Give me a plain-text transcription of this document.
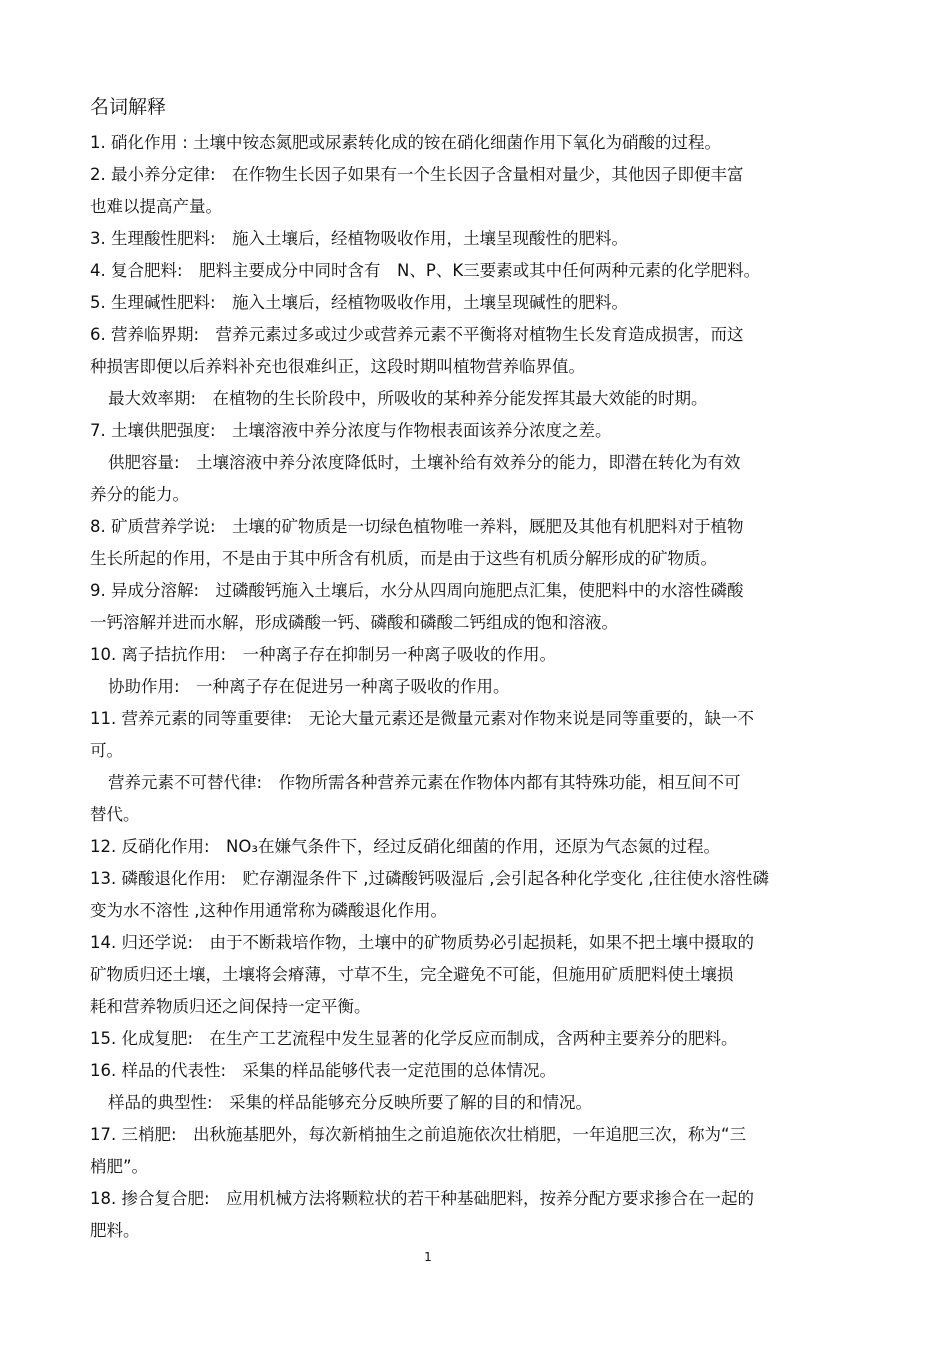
名词解释
1. 硝化作用 : 土壤中铵态氮肥或尿素转化成的铵在硝化细菌作用下氧化为硝酸的过程。
2. 最小养分定律:　在作物生长因子如果有一个生长因子含量相对量少，其他因子即便丰富
也难以提高产量。
3. 生理酸性肥料:　施入土壤后，经植物吸收作用，土壤呈现酸性的肥料。
4. 复合肥料:　肥料主要成分中同时含有　N、P、K三要素或其中任何两种元素的化学肥料。
5. 生理碱性肥料:　施入土壤后，经植物吸收作用，土壤呈现碱性的肥料。
6. 营养临界期:　营养元素过多或过少或营养元素不平衡将对植物生长发育造成损害，而这
种损害即便以后养料补充也很难纠正，这段时期叫植物营养临界值。
最大效率期:　在植物的生长阶段中，所吸收的某种养分能发挥其最大效能的时期。
7. 土壤供肥强度:　土壤溶液中养分浓度与作物根表面该养分浓度之差。
供肥容量:　土壤溶液中养分浓度降低时，土壤补给有效养分的能力，即潜在转化为有效
养分的能力。
8. 矿质营养学说:　土壤的矿物质是一切绿色植物唯一养料，厩肥及其他有机肥料对于植物
生长所起的作用，不是由于其中所含有机质，而是由于这些有机质分解形成的矿物质。
9. 异成分溶解:　过磷酸钙施入土壤后，水分从四周向施肥点汇集，使肥料中的水溶性磷酸
一钙溶解并进而水解，形成磷酸一钙、磷酸和磷酸二钙组成的饱和溶液。
10. 离子拮抗作用:　一种离子存在抑制另一种离子吸收的作用。
协助作用:　一种离子存在促进另一种离子吸收的作用。
11. 营养元素的同等重要律:　无论大量元素还是微量元素对作物来说是同等重要的，缺一不
可。
营养元素不可替代律:　作物所需各种营养元素在作物体内都有其特殊功能，相互间不可
替代。
12. 反硝化作用:　NO₃在嫌气条件下，经过反硝化细菌的作用，还原为气态氮的过程。
13. 磷酸退化作用:　贮存潮湿条件下 ,过磷酸钙吸湿后 ,会引起各种化学变化 ,往往使水溶性磷
变为水不溶性 ,这种作用通常称为磷酸退化作用。
14. 归还学说:　由于不断栽培作物，土壤中的矿物质势必引起损耗，如果不把土壤中摄取的
矿物质归还土壤，土壤将会瘠薄，寸草不生，完全避免不可能，但施用矿质肥料使土壤损
耗和营养物质归还之间保持一定平衡。
15. 化成复肥:　在生产工艺流程中发生显著的化学反应而制成，含两种主要养分的肥料。
16. 样品的代表性:　采集的样品能够代表一定范围的总体情况。
样品的典型性:　采集的样品能够充分反映所要了解的目的和情况。
17. 三梢肥:　出秋施基肥外，每次新梢抽生之前追施依次壮梢肥，一年追肥三次，称为“三
梢肥”。
18. 掺合复合肥:　应用机械方法将颗粒状的若干种基础肥料，按养分配方要求掺合在一起的
肥料。
1
